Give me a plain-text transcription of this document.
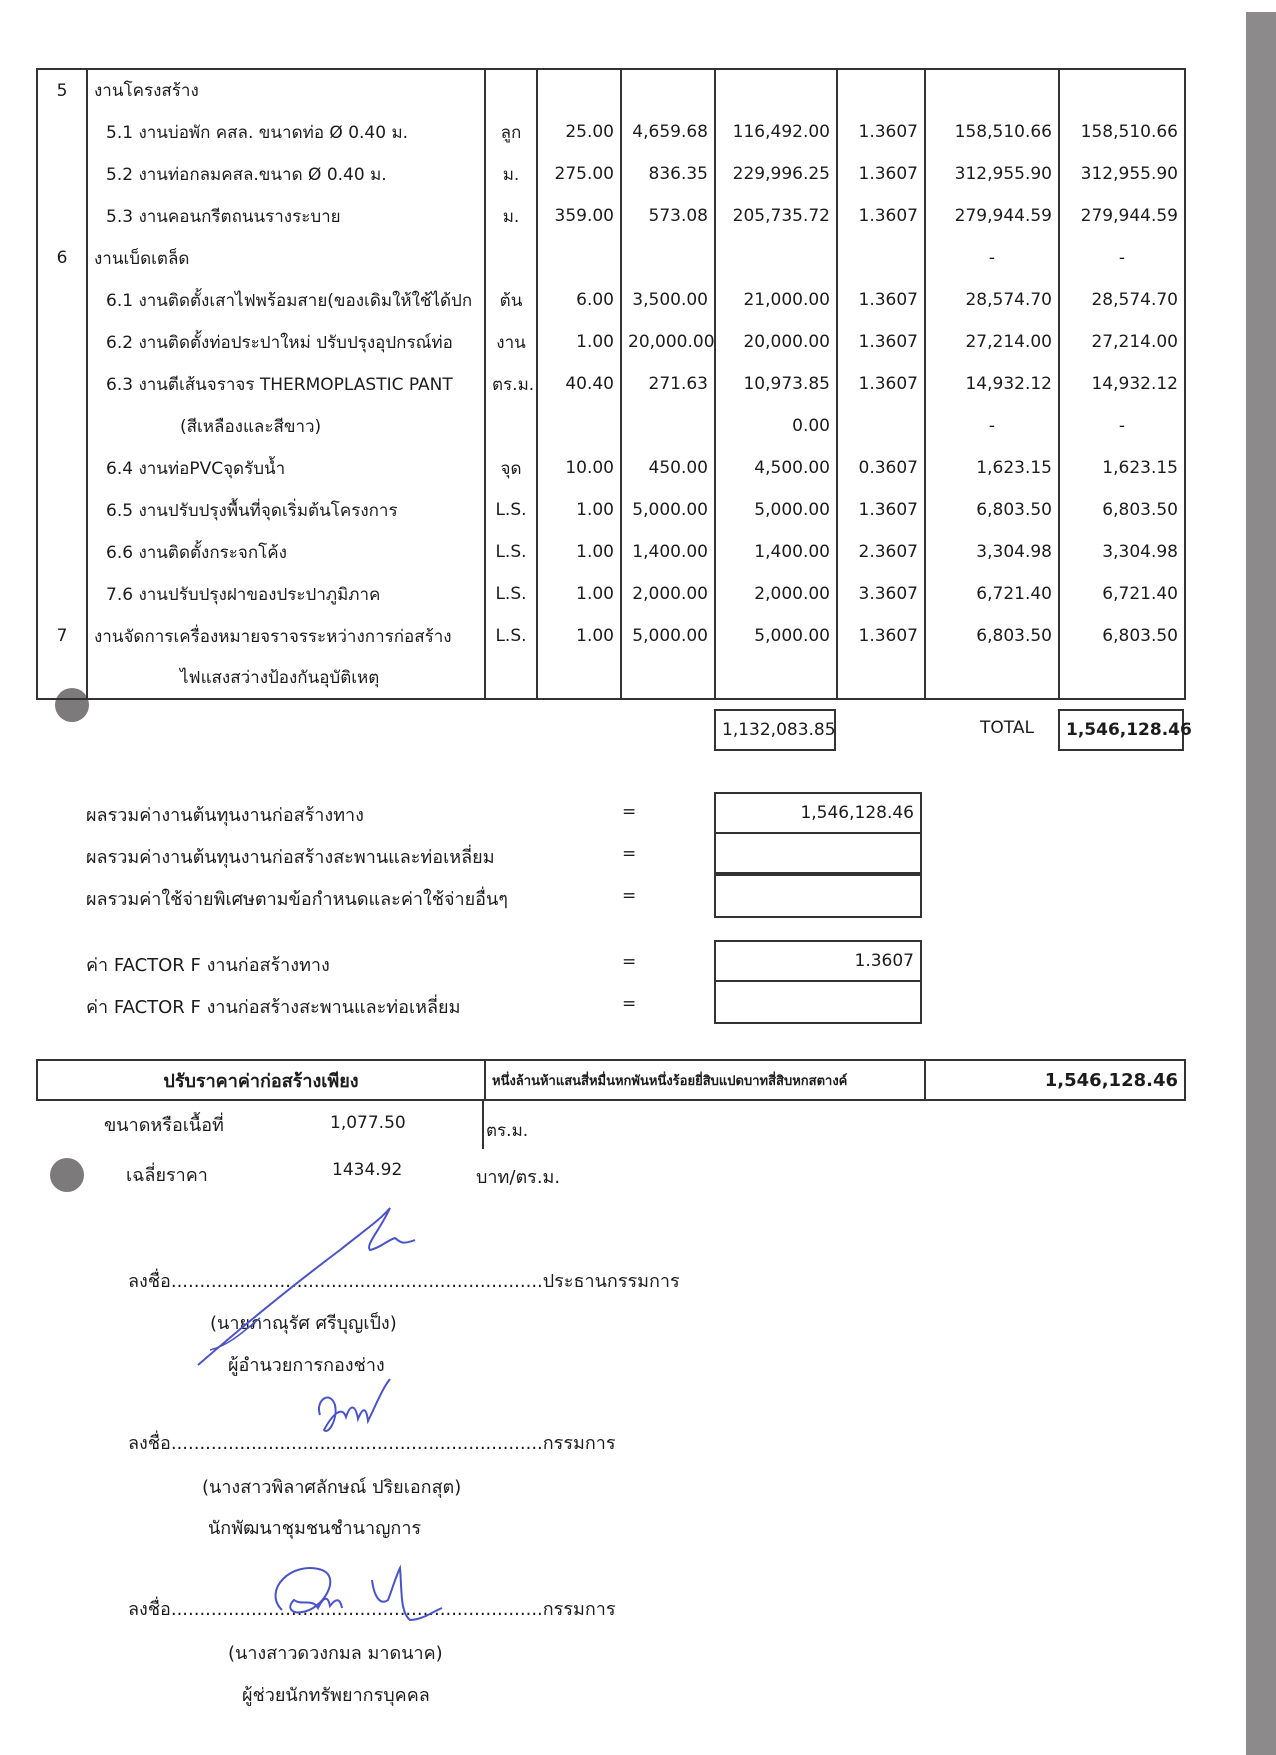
5	งานโครงสร้าง							
	5.1 งานบ่อพัก คสล. ขนาดท่อ Ø 0.40 ม.	ลูก	25.00	4,659.68	116,492.00	1.3607	158,510.66	158,510.66
	5.2 งานท่อกลมคสล.ขนาด Ø 0.40 ม.	ม.	275.00	836.35	229,996.25	1.3607	312,955.90	312,955.90
	5.3 งานคอนกรีตถนนรางระบาย	ม.	359.00	573.08	205,735.72	1.3607	279,944.59	279,944.59
6	งานเบ็ดเตล็ด						-	-
	6.1 งานติดตั้งเสาไฟพร้อมสาย(ของเดิมให้ใช้ได้ปก	ต้น	6.00	3,500.00	21,000.00	1.3607	28,574.70	28,574.70
	6.2 งานติดตั้งท่อประปาใหม่ ปรับปรุงอุปกรณ์ท่อ	งาน	1.00	20,000.00	20,000.00	1.3607	27,214.00	27,214.00
	6.3 งานตีเส้นจราจร THERMOPLASTIC PANT	ตร.ม.	40.40	271.63	10,973.85	1.3607	14,932.12	14,932.12
	(สีเหลืองและสีขาว)				0.00		-	-
	6.4 งานท่อPVCจุดรับน้ำ	จุด	10.00	450.00	4,500.00	0.3607	1,623.15	1,623.15
	6.5 งานปรับปรุงพื้นที่จุดเริ่มต้นโครงการ	L.S.	1.00	5,000.00	5,000.00	1.3607	6,803.50	6,803.50
	6.6 งานติดตั้งกระจกโค้ง	L.S.	1.00	1,400.00	1,400.00	2.3607	3,304.98	3,304.98
	7.6 งานปรับปรุงฝาของประปาภูมิภาค	L.S.	1.00	2,000.00	2,000.00	3.3607	6,721.40	6,721.40
7	งานจัดการเครื่องหมายจราจรระหว่างการก่อสร้าง	L.S.	1.00	5,000.00	5,000.00	1.3607	6,803.50	6,803.50
	ไฟแสงสว่างป้องกันอุบัติเหตุ							
1,132,083.85	TOTAL	1,546,128.46
ผลรวมค่างานต้นทุนงานก่อสร้างทาง	=	1,546,128.46
ผลรวมค่างานต้นทุนงานก่อสร้างสะพานและท่อเหลี่ยม	=
ผลรวมค่าใช้จ่ายพิเศษตามข้อกำหนดและค่าใช้จ่ายอื่นๆ	=
ค่า FACTOR F งานก่อสร้างทาง	=	1.3607
ค่า FACTOR F งานก่อสร้างสะพานและท่อเหลี่ยม	=
ปรับราคาค่าก่อสร้างเพียง	หนึ่งล้านห้าแสนสี่หมื่นหกพันหนึ่งร้อยยี่สิบแปดบาทสี่สิบหกสตางค์	1,546,128.46
ขนาดหรือเนื้อที่	1,077.50	ตร.ม.
เฉลี่ยราคา	1434.92	บาท/ตร.ม.
ลงชื่อ.................................................................ประธานกรรมการ
(นายภาณุรัศ ศรีบุญเป็ง)
ผู้อำนวยการกองช่าง
ลงชื่อ.................................................................กรรมการ
(นางสาวพิลาศลักษณ์ ปริยเอกสุต)
นักพัฒนาชุมชนชำนาญการ
ลงชื่อ.................................................................กรรมการ
(นางสาวดวงกมล มาดนาค)
ผู้ช่วยนักทรัพยากรบุคคล
